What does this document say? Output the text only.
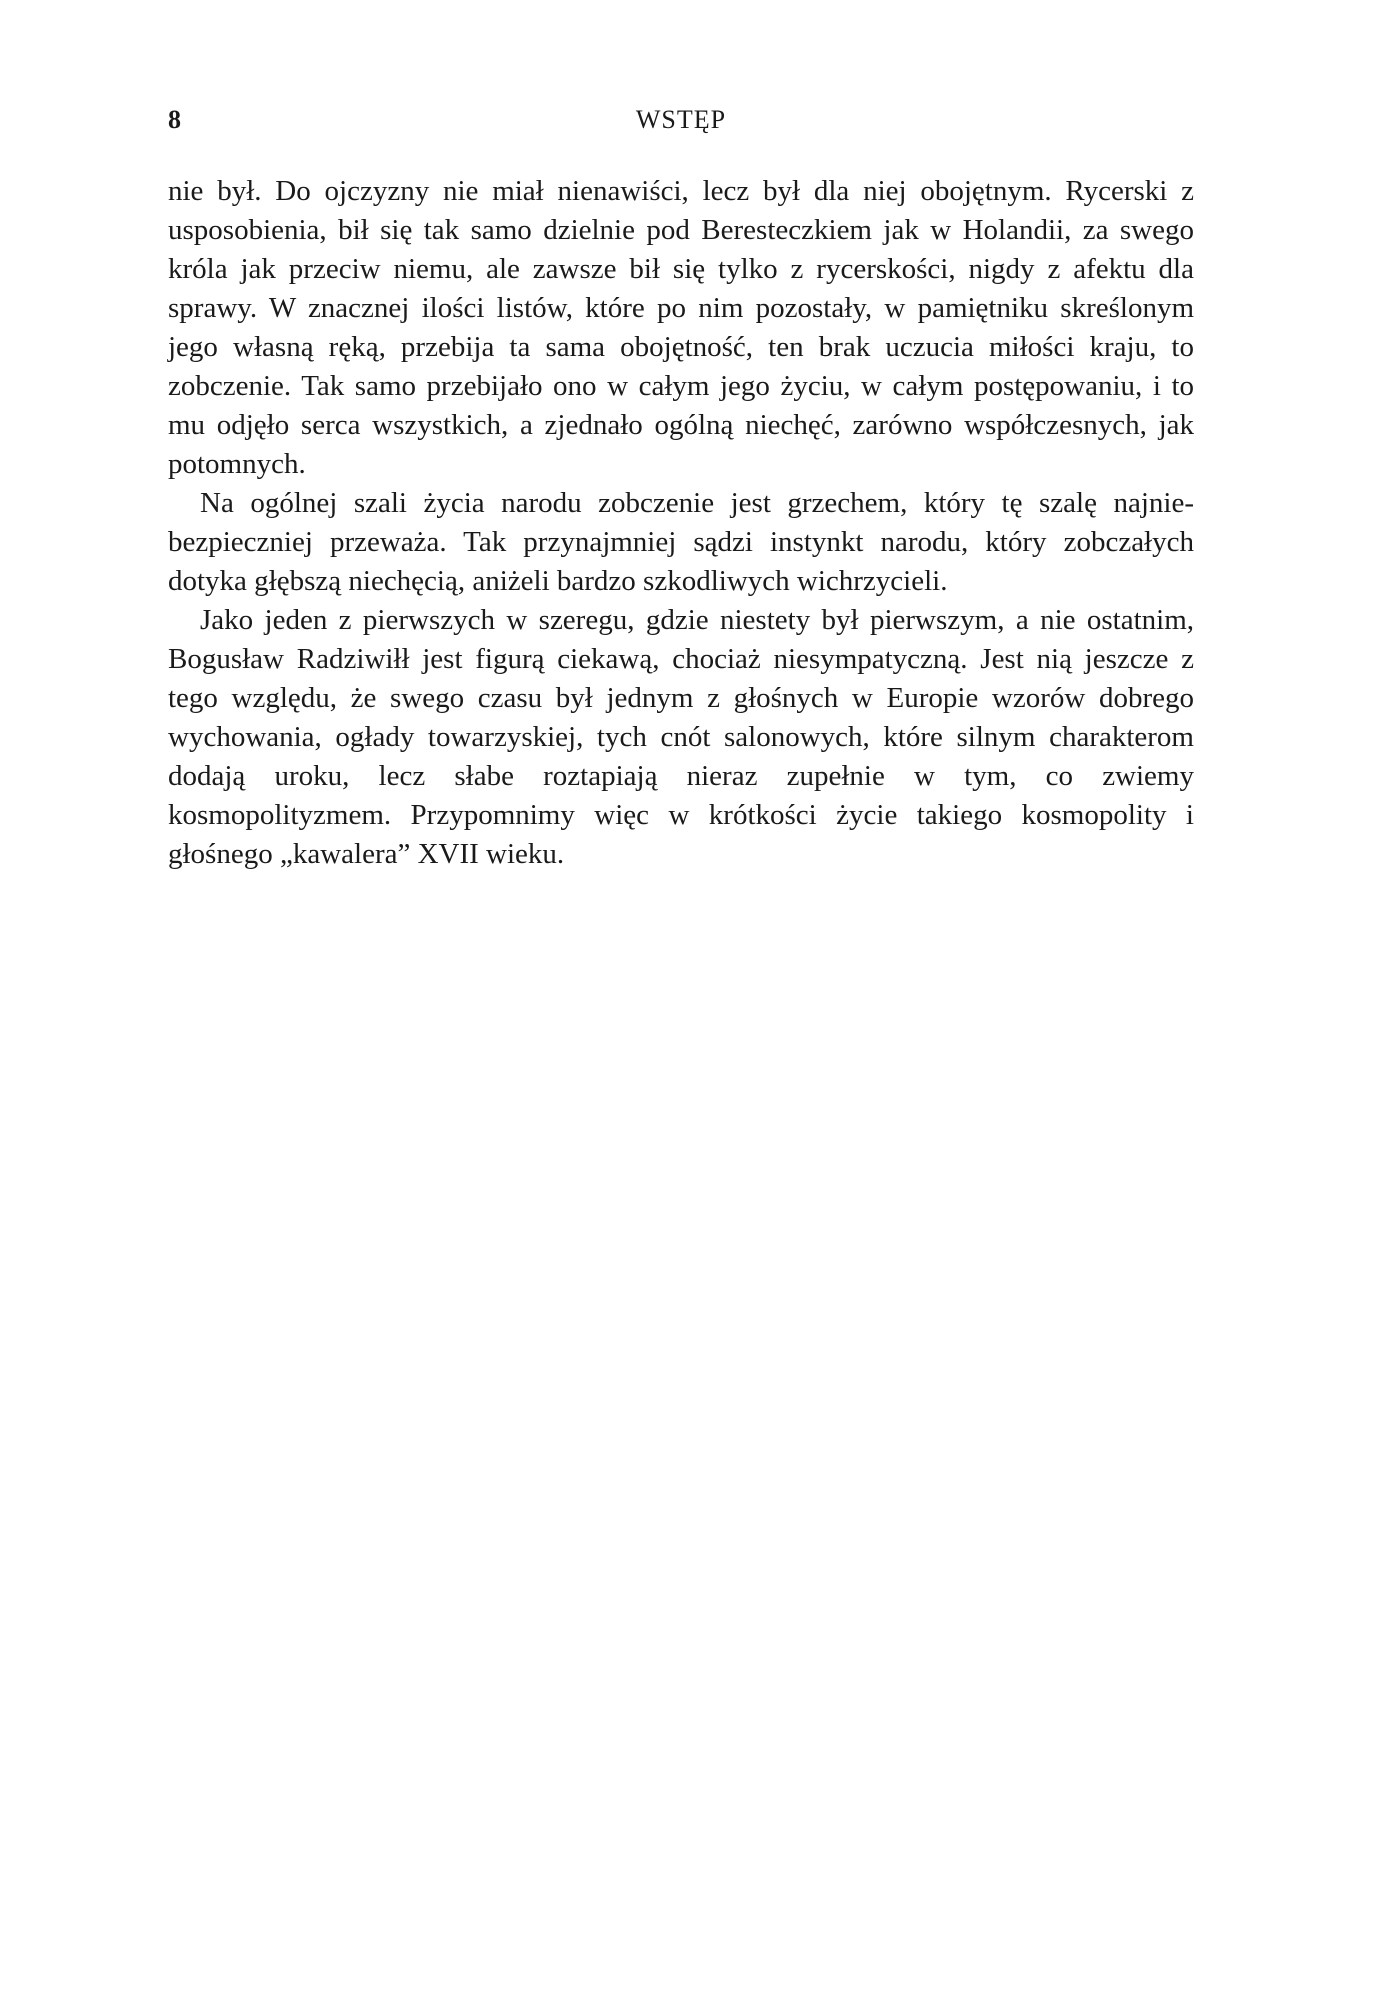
8	WSTĘP

nie był. Do ojczyzny nie miał nienawiści, lecz był dla niej obojętnym. Rycerski z usposobienia, bił się tak samo dzielnie pod Beresteczkiem jak w Holandii, za swego króla jak przeciw niemu, ale zawsze bił się tylko z rycerskości, nigdy z afektu dla sprawy. W znacznej ilości listów, które po nim pozostały, w pamiętniku skreślonym jego własną ręką, przebija ta sama obojętność, ten brak uczucia miłości kraju, to zobczenie. Tak samo przebijało ono w całym jego życiu, w całym postępowaniu, i to mu odjęło serca wszystkich, a zjednało ogólną niechęć, zarówno współczesnych, jak potomnych.

Na ogólnej szali życia narodu zobczenie jest grzechem, który tę szalę najniebezpieczniej przeważa. Tak przynajmniej sądzi instynkt narodu, który zobczałych dotyka głębszą niechęcią, aniżeli bardzo szkodliwych wichrzycieli.

Jako jeden z pierwszych w szeregu, gdzie niestety był pierwszym, a nie ostatnim, Bogusław Radziwiłł jest figurą ciekawą, chociaż niesympatyczną. Jest nią jeszcze z tego względu, że swego czasu był jednym z głośnych w Europie wzorów dobrego wychowania, ogłady towarzyskiej, tych cnót salonowych, które silnym charakterom dodają uroku, lecz słabe roztapiają nieraz zupełnie w tym, co zwiemy kosmopolityzmem. Przypomnimy więc w krótkości życie takiego kosmopolity i głośnego „kawalera” XVII wieku.
